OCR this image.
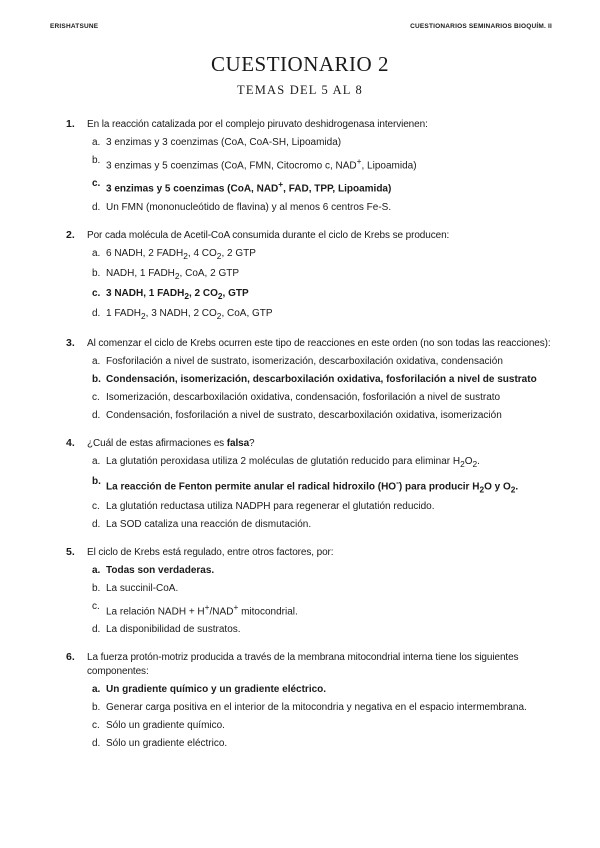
ERISHATSUNE	CUESTIONARIOS SEMINARIOS BIOQUÍM. II
CUESTIONARIO 2
TEMAS DEL 5 AL 8
1. En la reacción catalizada por el complejo piruvato deshidrogenasa intervienen:
a. 3 enzimas y 3 coenzimas (CoA, CoA-SH, Lipoamida)
b. 3 enzimas y 5 coenzimas (CoA, FMN, Citocromo c, NAD+, Lipoamida)
c. 3 enzimas y 5 coenzimas (CoA, NAD+, FAD, TPP, Lipoamida)
d. Un FMN (mononucleótido de flavina) y al menos 6 centros Fe-S.
2. Por cada molécula de Acetil-CoA consumida durante el ciclo de Krebs se producen:
a. 6 NADH, 2 $FADH_2$, 4 $CO_2$, 2 GTP
b. NADH, 1 $FADH_2$, CoA, 2 GTP
c. 3 NADH, 1 $FADH_2$, 2 $CO_2$, GTP
d. 1 $FADH_2$, 3 NADH, 2 $CO_2$, CoA, GTP
3. Al comenzar el ciclo de Krebs ocurren este tipo de reacciones en este orden (no son todas las reacciones):
a. Fosforilación a nivel de sustrato, isomerización, descarboxilación oxidativa, condensación
b. Condensación, isomerización, descarboxilación oxidativa, fosforilación a nivel de sustrato
c. Isomerización, descarboxilación oxidativa, condensación, fosforilación a nivel de sustrato
d. Condensación, fosforilación a nivel de sustrato, descarboxilación oxidativa, isomerización
4. ¿Cuál de estas afirmaciones es falsa?
a. La glutatión peroxidasa utiliza 2 moléculas de glutatión reducido para eliminar $H_2O_2$.
b. La reacción de Fenton permite anular el radical hidroxilo (HO-) para producir $H_2O$ y $O_2$.
c. La glutatión reductasa utiliza NADPH para regenerar el glutatión reducido.
d. La SOD cataliza una reacción de dismutación.
5. El ciclo de Krebs está regulado, entre otros factores, por:
a. Todas son verdaderas.
b. La succinil-CoA.
c. La relación NADH + H+/NAD+ mitocondrial.
d. La disponibilidad de sustratos.
6. La fuerza protón-motriz producida a través de la membrana mitocondrial interna tiene los siguientes componentes:
a. Un gradiente químico y un gradiente eléctrico.
b. Generar carga positiva en el interior de la mitocondria y negativa en el espacio intermembrana.
c. Sólo un gradiente químico.
d. Sólo un gradiente eléctrico.
